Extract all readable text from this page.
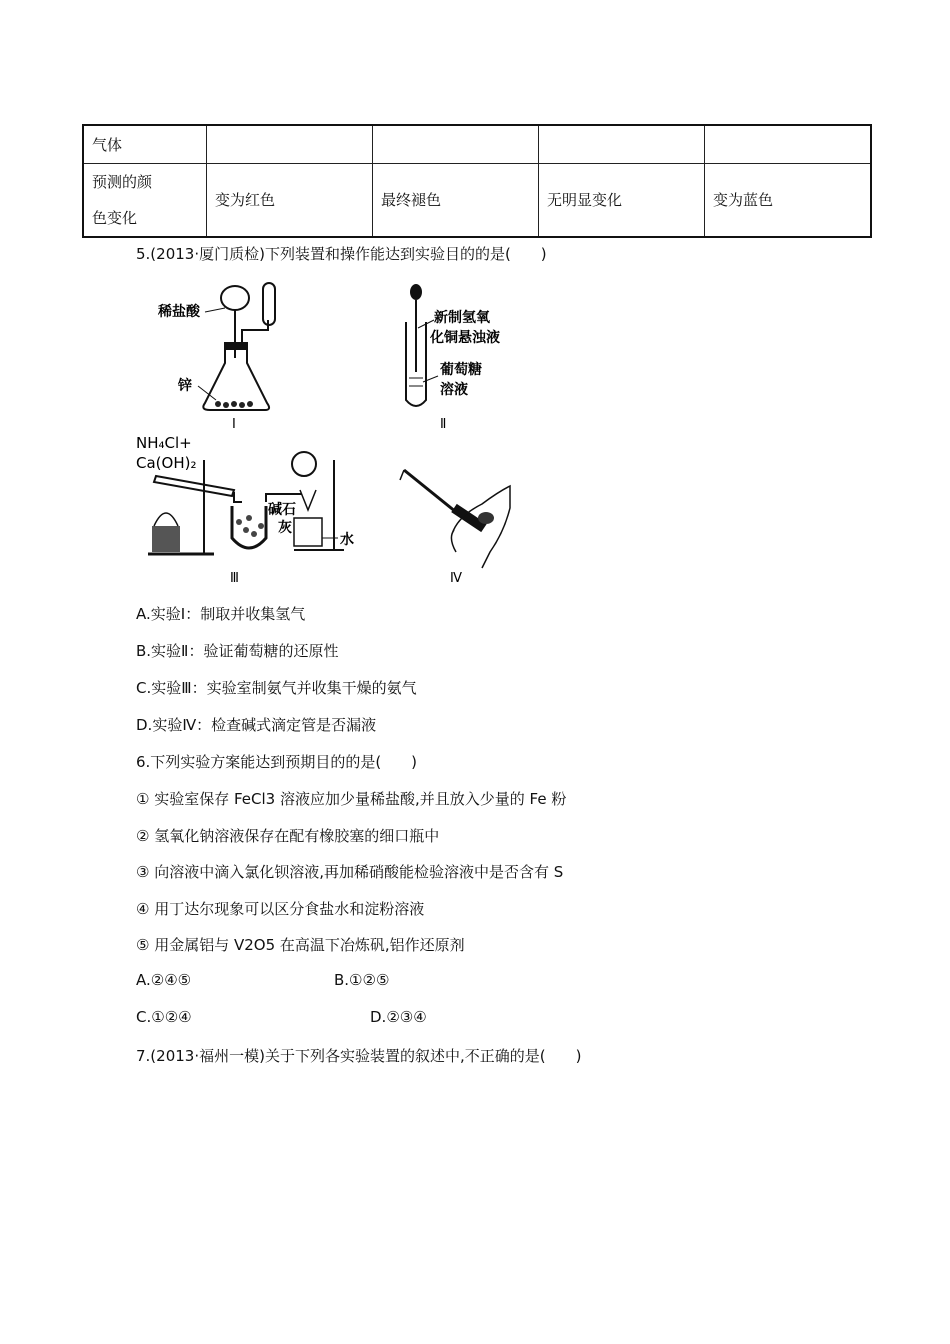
气体				

预测的颜
色变化	变为红色	最终褪色	无明显变化	变为蓝色
5.(2013·厦门质检)下列装置和操作能达到实验目的的是(　　)
稀盐酸
锌
Ⅰ
新制氢氧
化铜悬浊液
葡萄糖
溶液
Ⅱ
NH₄Cl+
Ca(OH)₂
碱石
灰
水
Ⅲ	Ⅳ
A.实验Ⅰ：制取并收集氢气
B.实验Ⅱ：验证葡萄糖的还原性
C.实验Ⅲ：实验室制氨气并收集干燥的氨气
D.实验Ⅳ：检查碱式滴定管是否漏液
6.下列实验方案能达到预期目的的是(　　)
① 实验室保存 FeCl3 溶液应加少量稀盐酸,并且放入少量的 Fe 粉
② 氢氧化钠溶液保存在配有橡胶塞的细口瓶中
③ 向溶液中滴入氯化钡溶液,再加稀硝酸能检验溶液中是否含有 S
④ 用丁达尔现象可以区分食盐水和淀粉溶液
⑤ 用金属铝与 V2O5 在高温下冶炼矾,铝作还原剂
A.②④⑤	B.①②⑤
C.①②④	D.②③④
7.(2013·福州一模)关于下列各实验装置的叙述中,不正确的是(　　)
